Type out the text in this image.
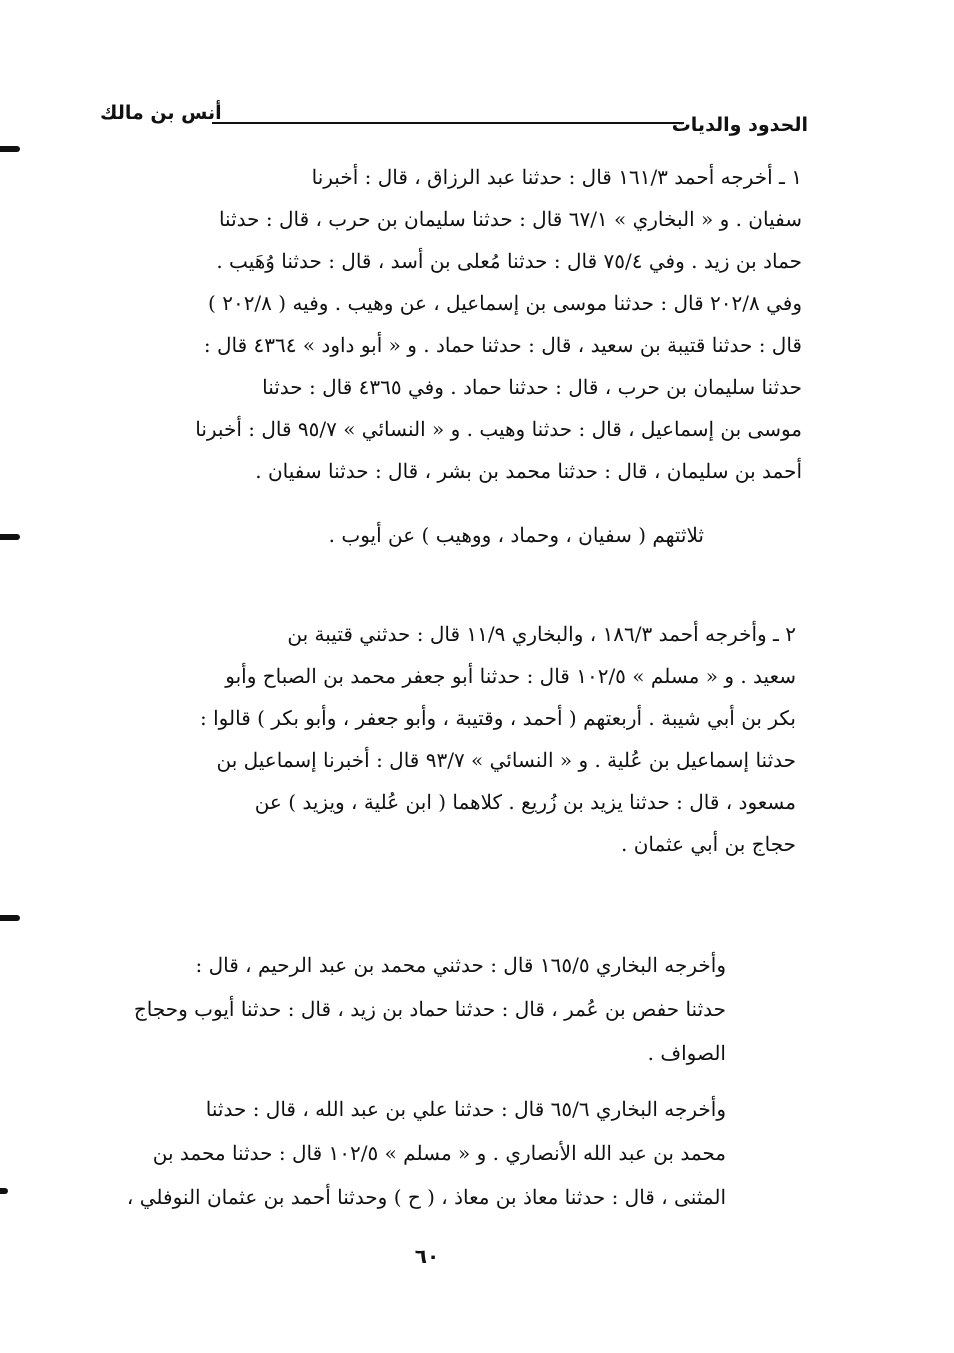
الحدود والديات
أنس بن مالك

١ ـ أخرجه أحمد ١٦١/٣ قال : حدثنا عبد الرزاق ، قال : أخبرنا
سفيان . و « البخاري » ٦٧/١ قال : حدثنا سليمان بن حرب ، قال : حدثنا
حماد بن زيد . وفي ٧٥/٤ قال : حدثنا مُعلى بن أسد ، قال : حدثنا وُهَيب .
وفي ٢٠٢/٨ قال : حدثنا موسى بن إسماعيل ، عن وهيب . وفيه ( ٢٠٢/٨ )
قال : حدثنا قتيبة بن سعيد ، قال : حدثنا حماد . و « أبو داود » ٤٣٦٤ قال :
حدثنا سليمان بن حرب ، قال : حدثنا حماد . وفي ٤٣٦٥ قال : حدثنا
موسى بن إسماعيل ، قال : حدثنا وهيب . و « النسائي » ٩٥/٧ قال : أخبرنا
أحمد بن سليمان ، قال : حدثنا محمد بن بشر ، قال : حدثنا سفيان .

ثلاثتهم ( سفيان ، وحماد ، ووهيب ) عن أيوب .

٢ ـ وأخرجه أحمد ١٨٦/٣ ، والبخاري ١١/٩ قال : حدثني قتيبة بن
سعيد . و « مسلم » ١٠٢/٥ قال : حدثنا أبو جعفر محمد بن الصباح وأبو
بكر بن أبي شيبة . أربعتهم ( أحمد ، وقتيبة ، وأبو جعفر ، وأبو بكر ) قالوا :
حدثنا إسماعيل بن عُلية . و « النسائي » ٩٣/٧ قال : أخبرنا إسماعيل بن
مسعود ، قال : حدثنا يزيد بن زُريع . كلاهما ( ابن عُلية ، ويزيد ) عن
حجاج بن أبي عثمان .

وأخرجه البخاري ١٦٥/٥ قال : حدثني محمد بن عبد الرحيم ، قال :
حدثنا حفص بن عُمر ، قال : حدثنا حماد بن زيد ، قال : حدثنا أيوب وحجاج
الصواف .

وأخرجه البخاري ٦٥/٦ قال : حدثنا علي بن عبد الله ، قال : حدثنا
محمد بن عبد الله الأنصاري . و « مسلم » ١٠٢/٥ قال : حدثنا محمد بن
المثنى ، قال : حدثنا معاذ بن معاذ ، ( ح ) وحدثنا أحمد بن عثمان النوفلي ،

٦٠
